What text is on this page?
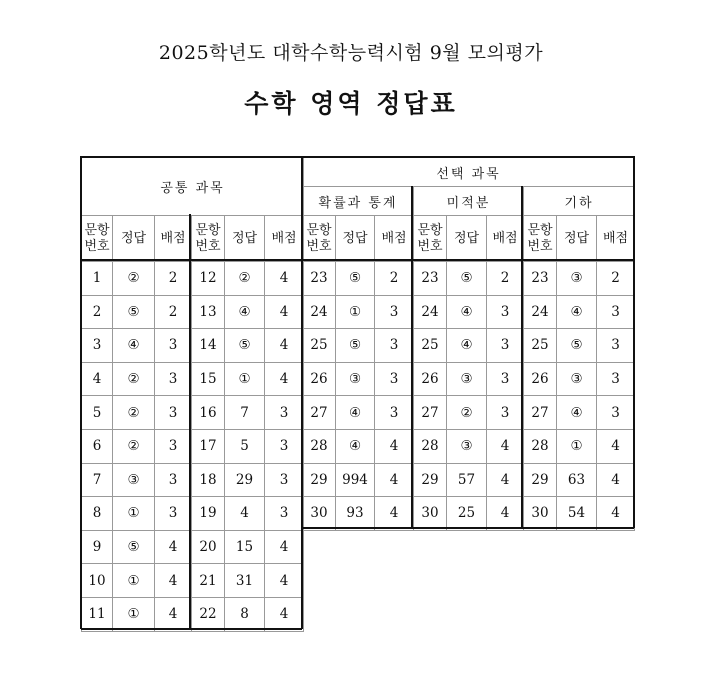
2025학년도 대학수학능력시험 9월 모의평가
수학 영역 정답표
공통 과목					
문항 번호	정답	배점	문항 번호	정답	배점
1	②	2	12	②	4
2	⑤	2	13	④	4
3	④	3	14	⑤	4
4	②	3	15	①	4
5	②	3	16	7	3
6	②	3	17	5	3
7	③	3	18	29	3
8	①	3	19	4	3
9	⑤	4	20	15	4
10	①	4	21	31	4
11	①	4	22	8	4
선택 과목								
확률과 통계			미적분			기하		
문항 번호	정답	배점	문항 번호	정답	배점	문항 번호	정답	배점
23	⑤	2	23	⑤	2	23	③	2
24	①	3	24	④	3	24	④	3
25	⑤	3	25	④	3	25	⑤	3
26	③	3	26	③	3	26	③	3
27	④	3	27	②	3	27	④	3
28	④	4	28	③	4	28	①	4
29	994	4	29	57	4	29	63	4
30	93	4	30	25	4	30	54	4
